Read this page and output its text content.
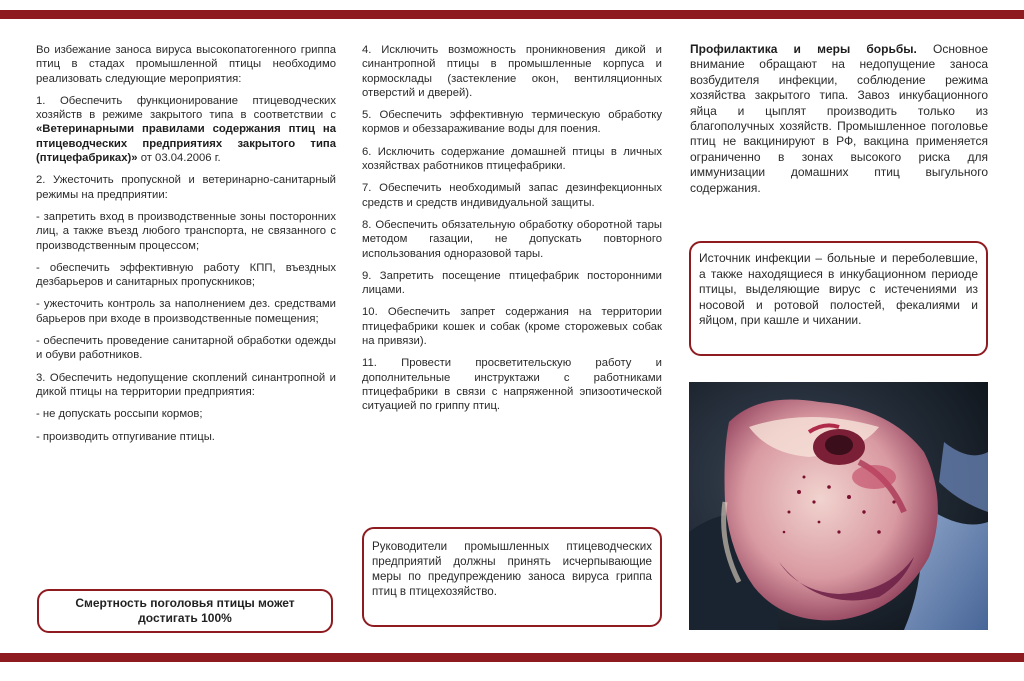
Во избежание заноса вируса высокопатогенного гриппа птиц в стадах промышленной птицы необходимо реализовать следующие мероприятия:

1. Обеспечить функционирование птицеводческих хозяйств в режиме закрытого типа в соответствии с «Ветеринарными правилами содержания птиц на птицеводческих предприятиях закрытого типа (птицефабриках)» от 03.04.2006 г.

2. Ужесточить пропускной и ветеринарно-санитарный режимы на предприятии:

- запретить вход в производственные зоны посторонних лиц, а также въезд любого транспорта, не связанного с производственным процессом;

- обеспечить эффективную работу КПП, въездных дезбарьеров и санитарных пропускников;

- ужесточить контроль за наполнением дез. средствами барьеров при входе в производственные помещения;

- обеспечить проведение санитарной обработки одежды и обуви работников.

3. Обеспечить недопущение скоплений синантропной и дикой птицы на территории предприятия:

- не допускать россыпи кормов;

- производить отпугивание птицы.

Смертность поголовья птицы может достигать 100%

4. Исключить возможность проникновения дикой и синантропной птицы в промышленные корпуса и кормосклады (застекление окон, вентиляционных отверстий и дверей).

5. Обеспечить эффективную термическую обработку кормов и обеззараживание воды для поения.

6. Исключить содержание домашней птицы в личных хозяйствах работников птицефабрики.

7. Обеспечить необходимый запас дезинфекционных средств и средств индивидуальной защиты.

8. Обеспечить обязательную обработку оборотной тары методом газации, не допускать повторного использования одноразовой тары.

9. Запретить посещение птицефабрик посторонними лицами.

10. Обеспечить запрет содержания на территории птицефабрики кошек и собак (кроме сторожевых собак на привязи).

11. Провести просветительскую работу и дополнительные инструктажи с работниками птицефабрики в связи с напряженной эпизоотической ситуацией по гриппу птиц.

Руководители промышленных птицеводческих предприятий должны принять исчерпывающие меры по предупреждению заноса вируса гриппа птиц в птицехозяйство.

Профилактика и меры борьбы. Основное внимание обращают на недопущение заноса возбудителя инфекции, соблюдение режима хозяйства закрытого типа. Завоз инкубационного яйца и цыплят производить только из благополучных хозяйств. Промышленное поголовье птиц не вакцинируют в РФ, вакцина применяется ограниченно в зонах высокого риска для иммунизации домашних птиц выгульного содержания.

Источник инфекции – больные и переболевшие, а также находящиеся в инкубационном периоде птицы, выделяющие вирус с истечениями из носовой и ротовой полостей, фекалиями и яйцом, при кашле и чихании.
